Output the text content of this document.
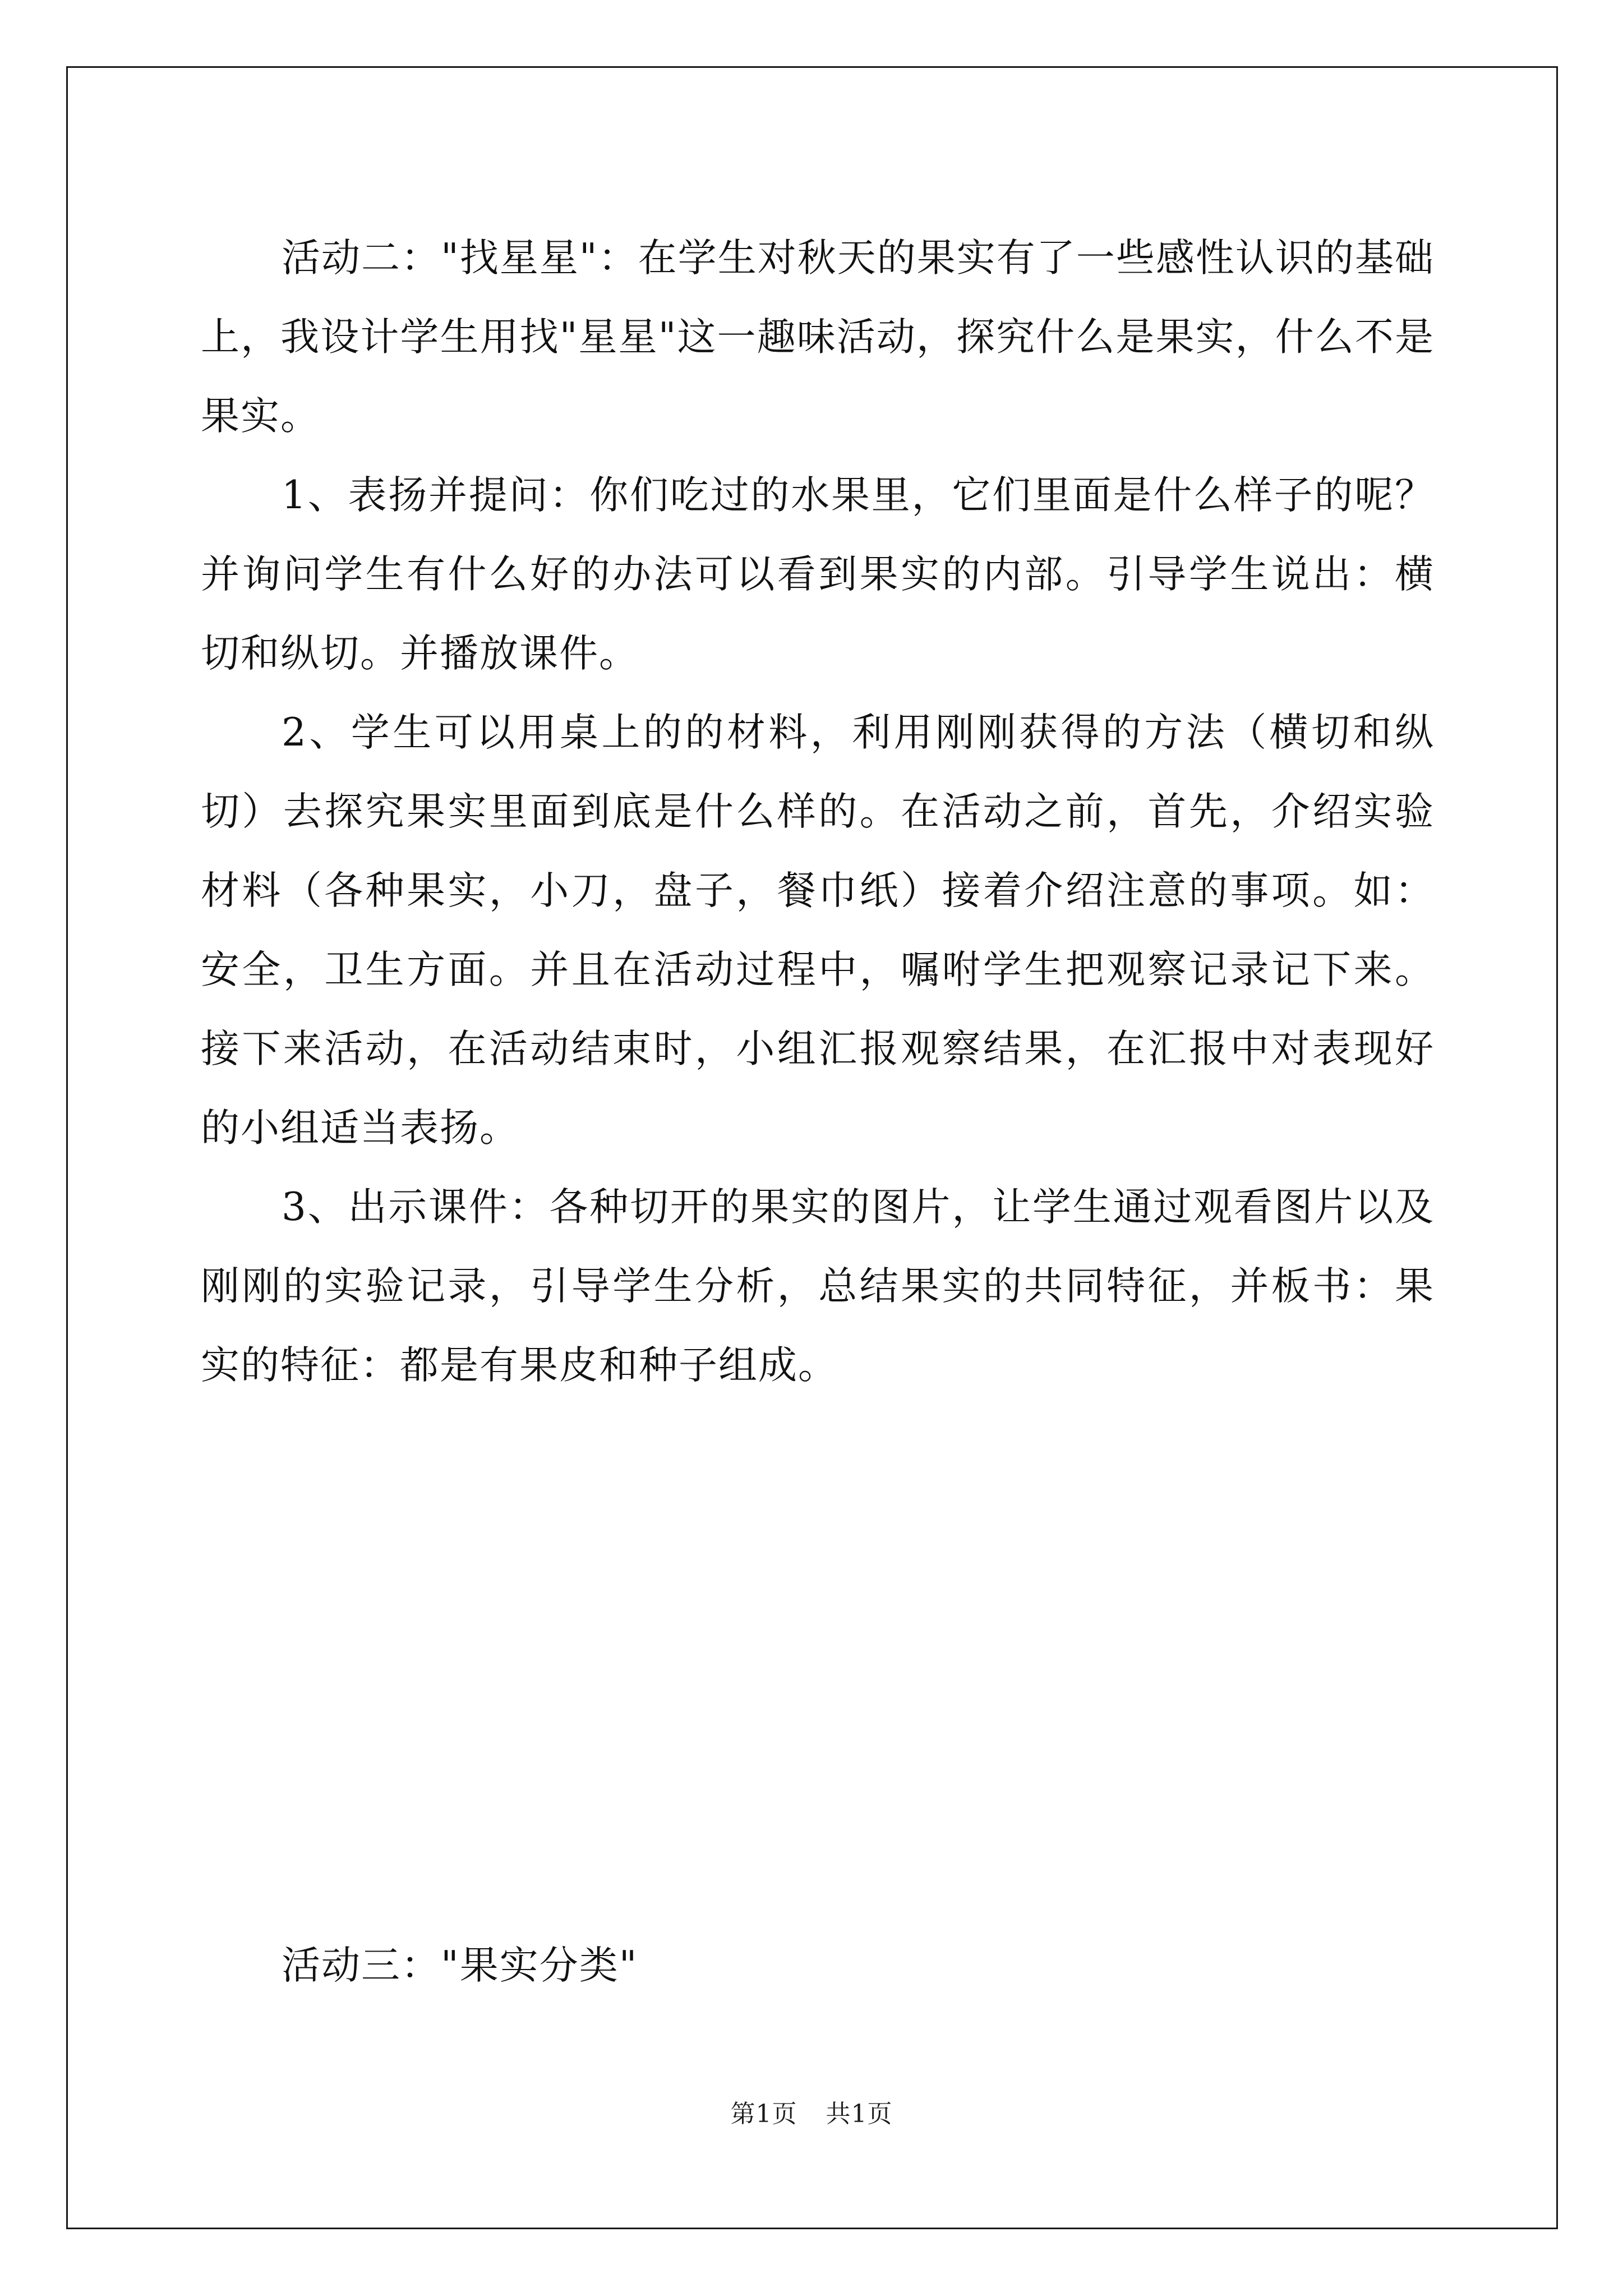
活动二："找星星"：在学生对秋天的果实有了一些感性认识的基础上，我设计学生用找"星星"这一趣味活动，探究什么是果实，什么不是果实。

1、表扬并提问：你们吃过的水果里，它们里面是什么样子的呢？并询问学生有什么好的办法可以看到果实的内部。引导学生说出：横切和纵切。并播放课件。

2、学生可以用桌上的的材料，利用刚刚获得的方法（横切和纵切）去探究果实里面到底是什么样的。在活动之前，首先，介绍实验材料（各种果实，小刀，盘子，餐巾纸）接着介绍注意的事项。如：安全，卫生方面。并且在活动过程中，嘱咐学生把观察记录记下来。接下来活动，在活动结束时，小组汇报观察结果，在汇报中对表现好的小组适当表扬。

3、出示课件：各种切开的果实的图片，让学生通过观看图片以及刚刚的实验记录，引导学生分析，总结果实的共同特征，并板书：果实的特征：都是有果皮和种子组成。

活动三："果实分类"

第1页 共1页
